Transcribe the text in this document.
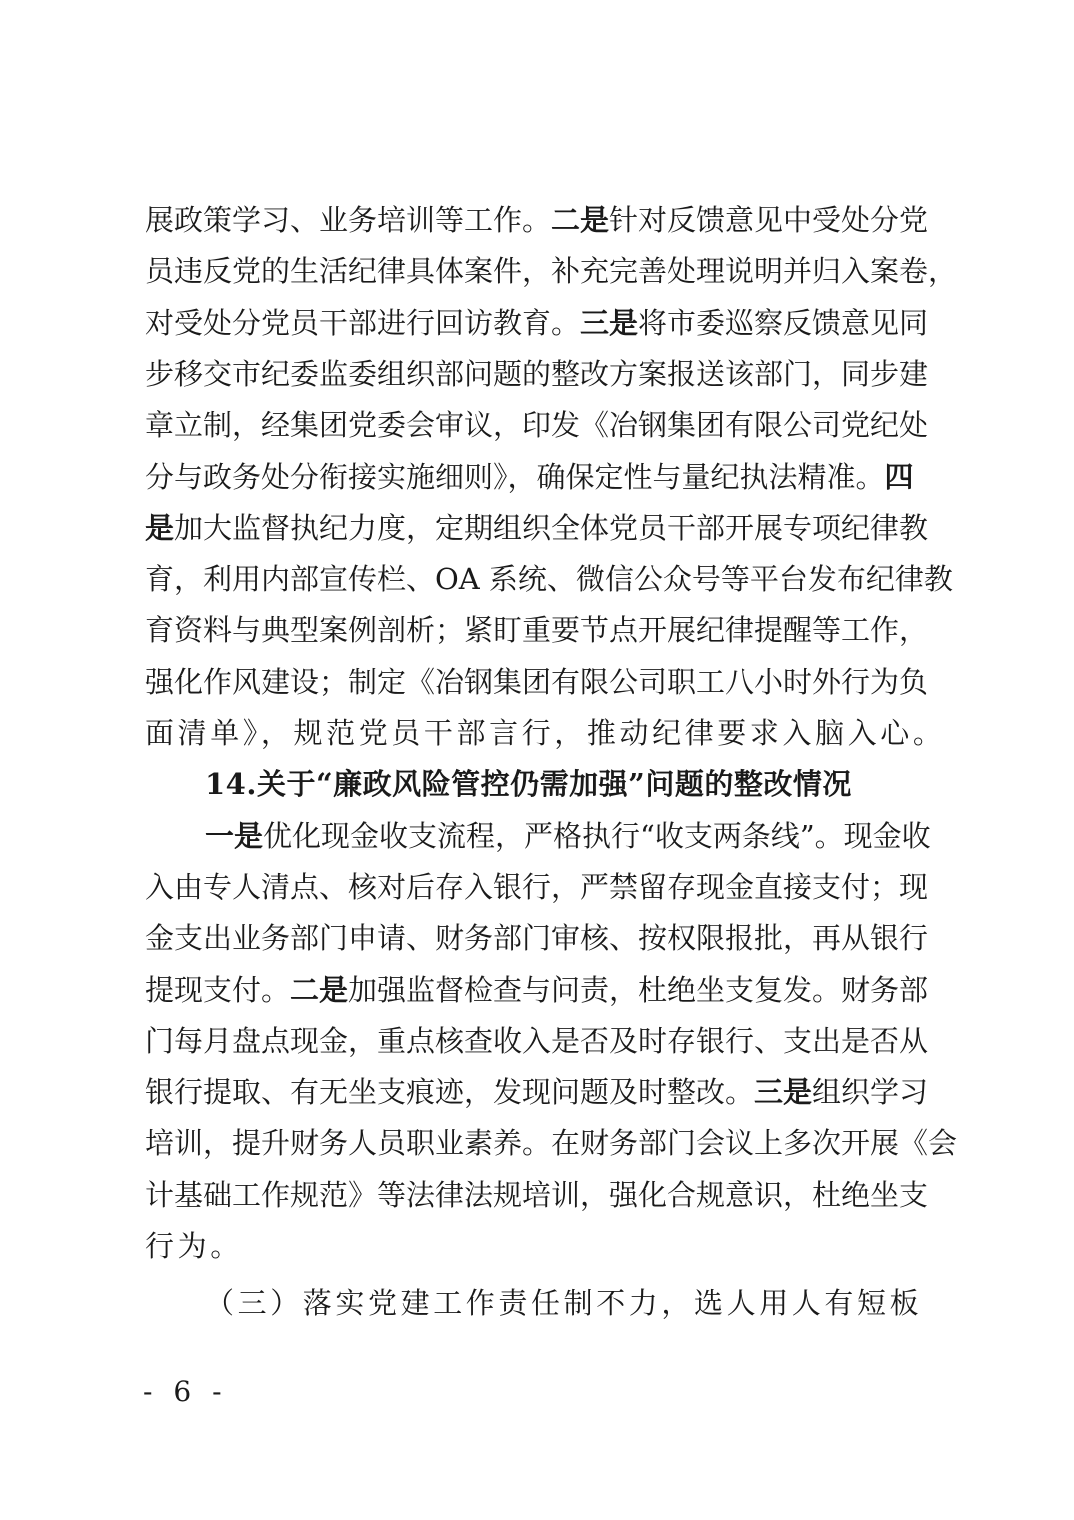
展政策学习、业务培训等工作。二是针对反馈意见中受处分党
员违反党的生活纪律具体案件，补充完善处理说明并归入案卷，
对受处分党员干部进行回访教育。三是将市委巡察反馈意见同
步移交市纪委监委组织部问题的整改方案报送该部门，同步建
章立制，经集团党委会审议，印发《冶钢集团有限公司党纪处
分与政务处分衔接实施细则》，确保定性与量纪执法精准。四
是加大监督执纪力度，定期组织全体党员干部开展专项纪律教
育，利用内部宣传栏、OA 系统、微信公众号等平台发布纪律教
育资料与典型案例剖析；紧盯重要节点开展纪律提醒等工作，
强化作风建设；制定《冶钢集团有限公司职工八小时外行为负
面清单》，规范党员干部言行，推动纪律要求入脑入心。
14.关于“廉政风险管控仍需加强”问题的整改情况
一是优化现金收支流程，严格执行“收支两条线”。现金收
入由专人清点、核对后存入银行，严禁留存现金直接支付；现
金支出业务部门申请、财务部门审核、按权限报批，再从银行
提现支付。二是加强监督检查与问责，杜绝坐支复发。财务部
门每月盘点现金，重点核查收入是否及时存银行、支出是否从
银行提取、有无坐支痕迹，发现问题及时整改。三是组织学习
培训，提升财务人员职业素养。在财务部门会议上多次开展《会
计基础工作规范》等法律法规培训，强化合规意识，杜绝坐支
行为。
（三）落实党建工作责任制不力，选人用人有短板
- 6 -
